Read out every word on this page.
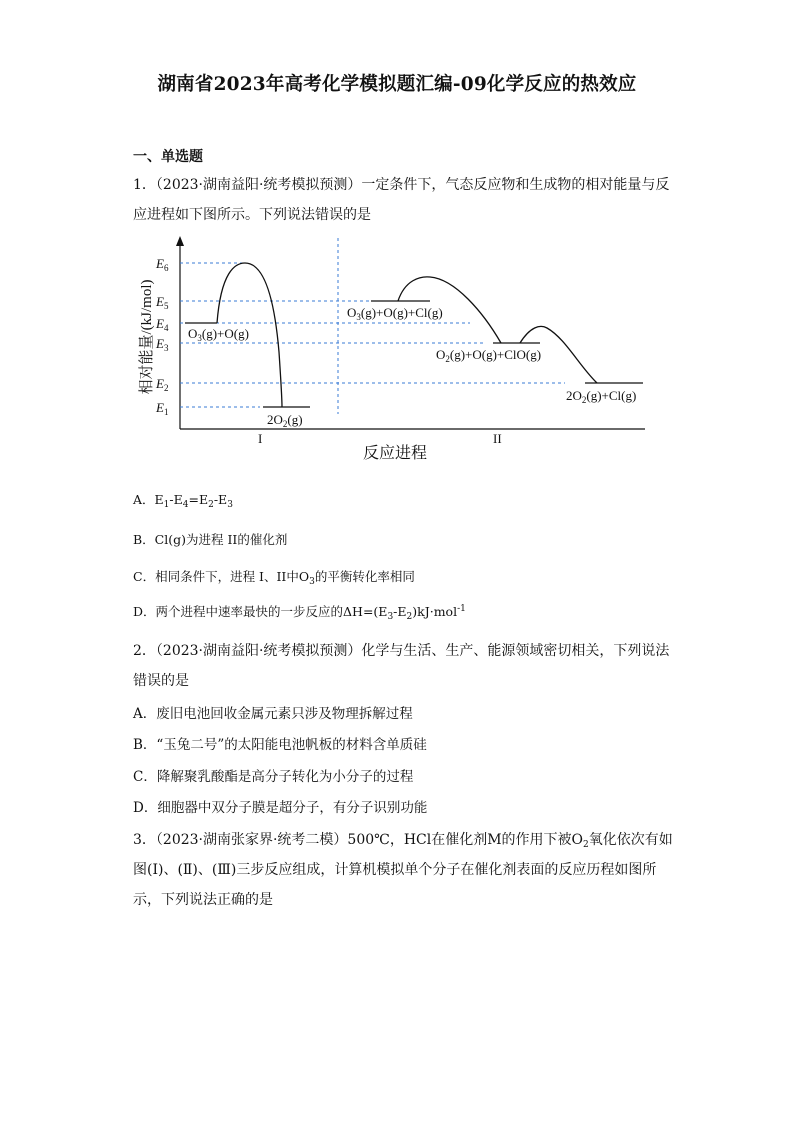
湖南省2023年高考化学模拟题汇编-09化学反应的热效应
一、单选题
1．（2023·湖南益阳·统考模拟预测）一定条件下，气态反应物和生成物的相对能量与反
应进程如下图所示。下列说法错误的是
相对能量/(kJ/mol)
$E_6$
$E_5$
$E_4$
$E_3$
$E_2$
$E_1$
$O_3(g)+O(g)$
$2O_2(g)$
$O_3(g)+O(g)+Cl(g)$
$O_2(g)+O(g)+ClO(g)$
$2O_2(g)+Cl(g)$
I	II
反应进程
A．$E_1-E_4=E_2-E_3$
B．Cl(g)为进程 II的催化剂
C．相同条件下，进程 I、II中$O_3$的平衡转化率相同
D．两个进程中速率最快的一步反应的$\Delta H=(E_3-E_2)kJ\cdot mol^{-1}$
2．（2023·湖南益阳·统考模拟预测）化学与生活、生产、能源领域密切相关，下列说法
错误的是
A．废旧电池回收金属元素只涉及物理拆解过程
B．“玉兔二号”的太阳能电池帆板的材料含单质硅
C．降解聚乳酸酯是高分子转化为小分子的过程
D．细胞器中双分子膜是超分子，有分子识别功能
3．（2023·湖南张家界·统考二模）500℃，HCl在催化剂M的作用下被$O_2$氧化依次有如
图(Ⅰ)、(Ⅱ)、(Ⅲ)三步反应组成，计算机模拟单个分子在催化剂表面的反应历程如图所
示，下列说法正确的是
